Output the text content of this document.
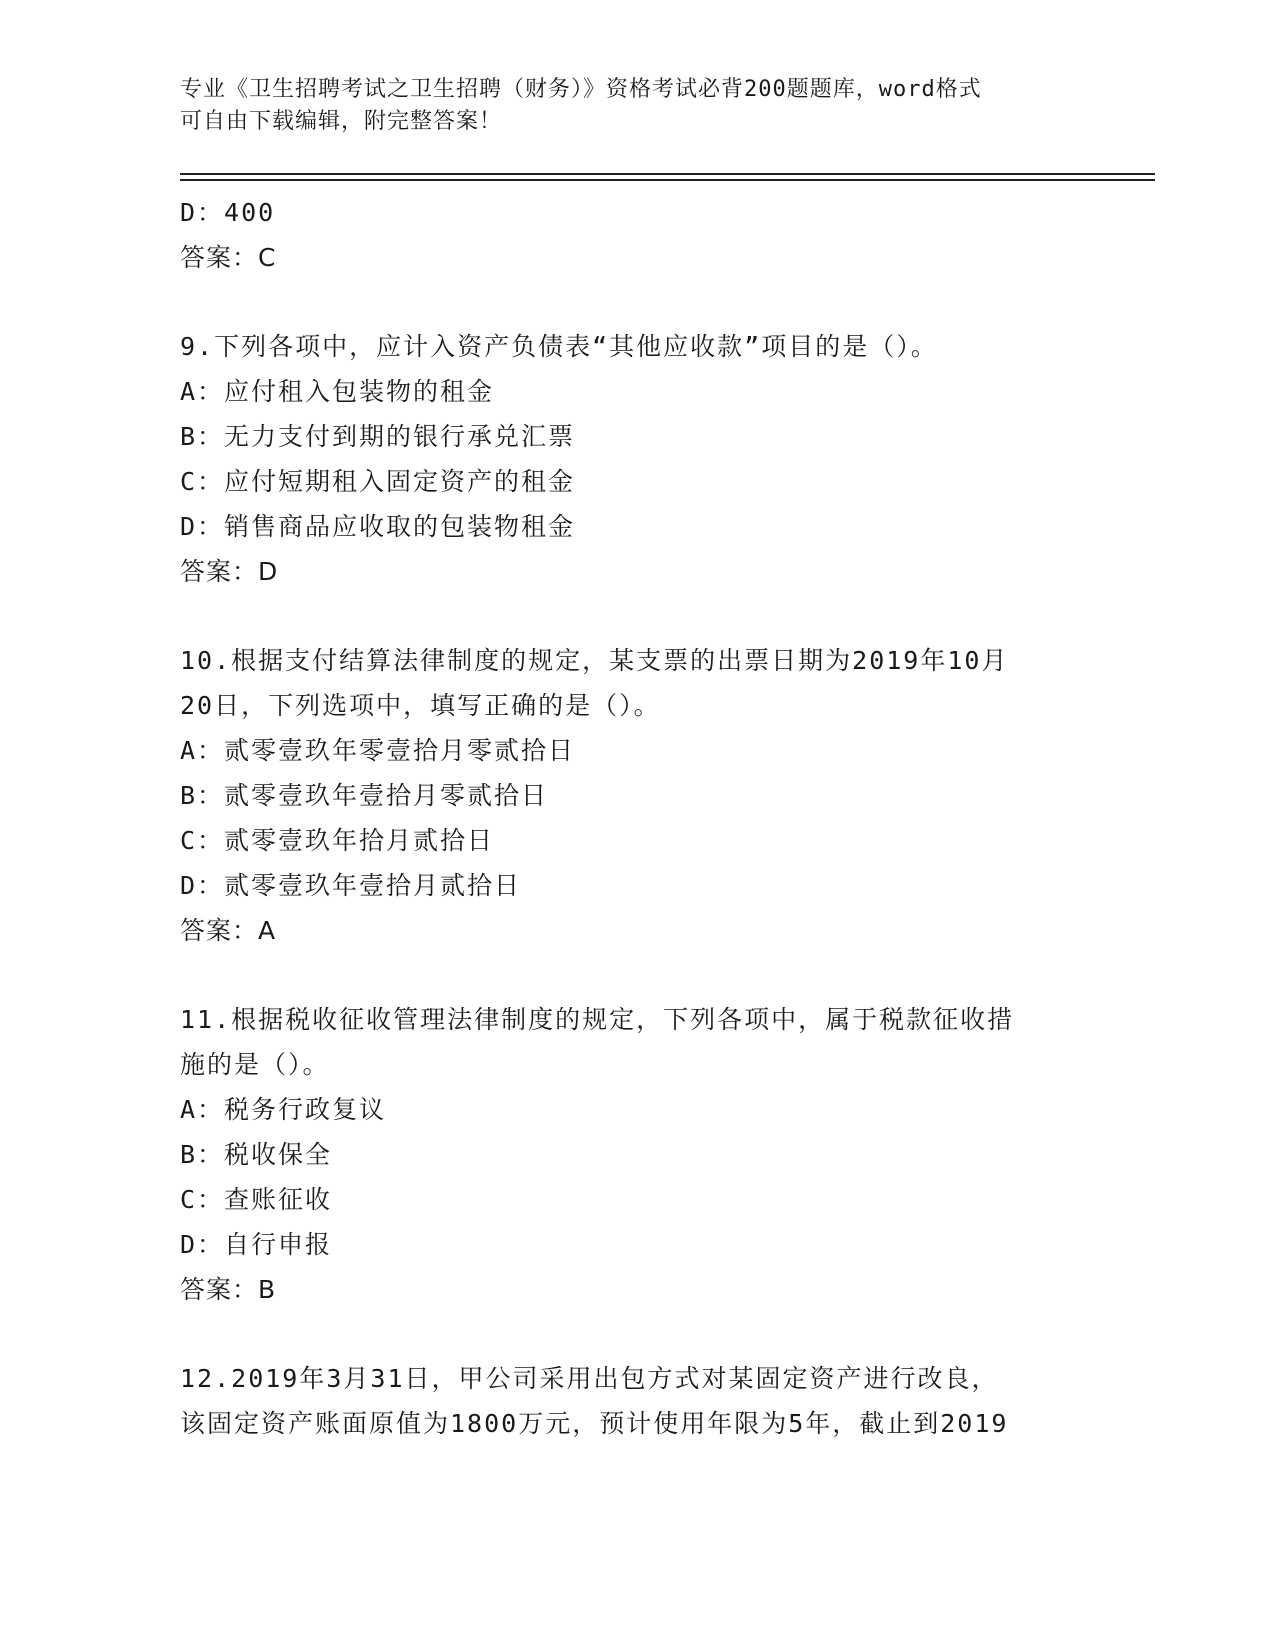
专业《卫生招聘考试之卫生招聘（财务）》资格考试必背200题题库，word格式
可自由下载编辑，附完整答案！
D：400
答案：C
9.下列各项中，应计入资产负债表“其他应收款”项目的是（）。
A：应付租入包装物的租金
B：无力支付到期的银行承兑汇票
C：应付短期租入固定资产的租金
D：销售商品应收取的包装物租金
答案：D
10.根据支付结算法律制度的规定，某支票的出票日期为2019年10月
20日，下列选项中，填写正确的是（）。
A：贰零壹玖年零壹拾月零贰拾日
B：贰零壹玖年壹拾月零贰拾日
C：贰零壹玖年拾月贰拾日
D：贰零壹玖年壹拾月贰拾日
答案：A
11.根据税收征收管理法律制度的规定，下列各项中，属于税款征收措
施的是（）。
A：税务行政复议
B：税收保全
C：查账征收
D：自行申报
答案：B
12.2019年3月31日，甲公司采用出包方式对某固定资产进行改良，
该固定资产账面原值为1800万元，预计使用年限为5年，截止到2019
